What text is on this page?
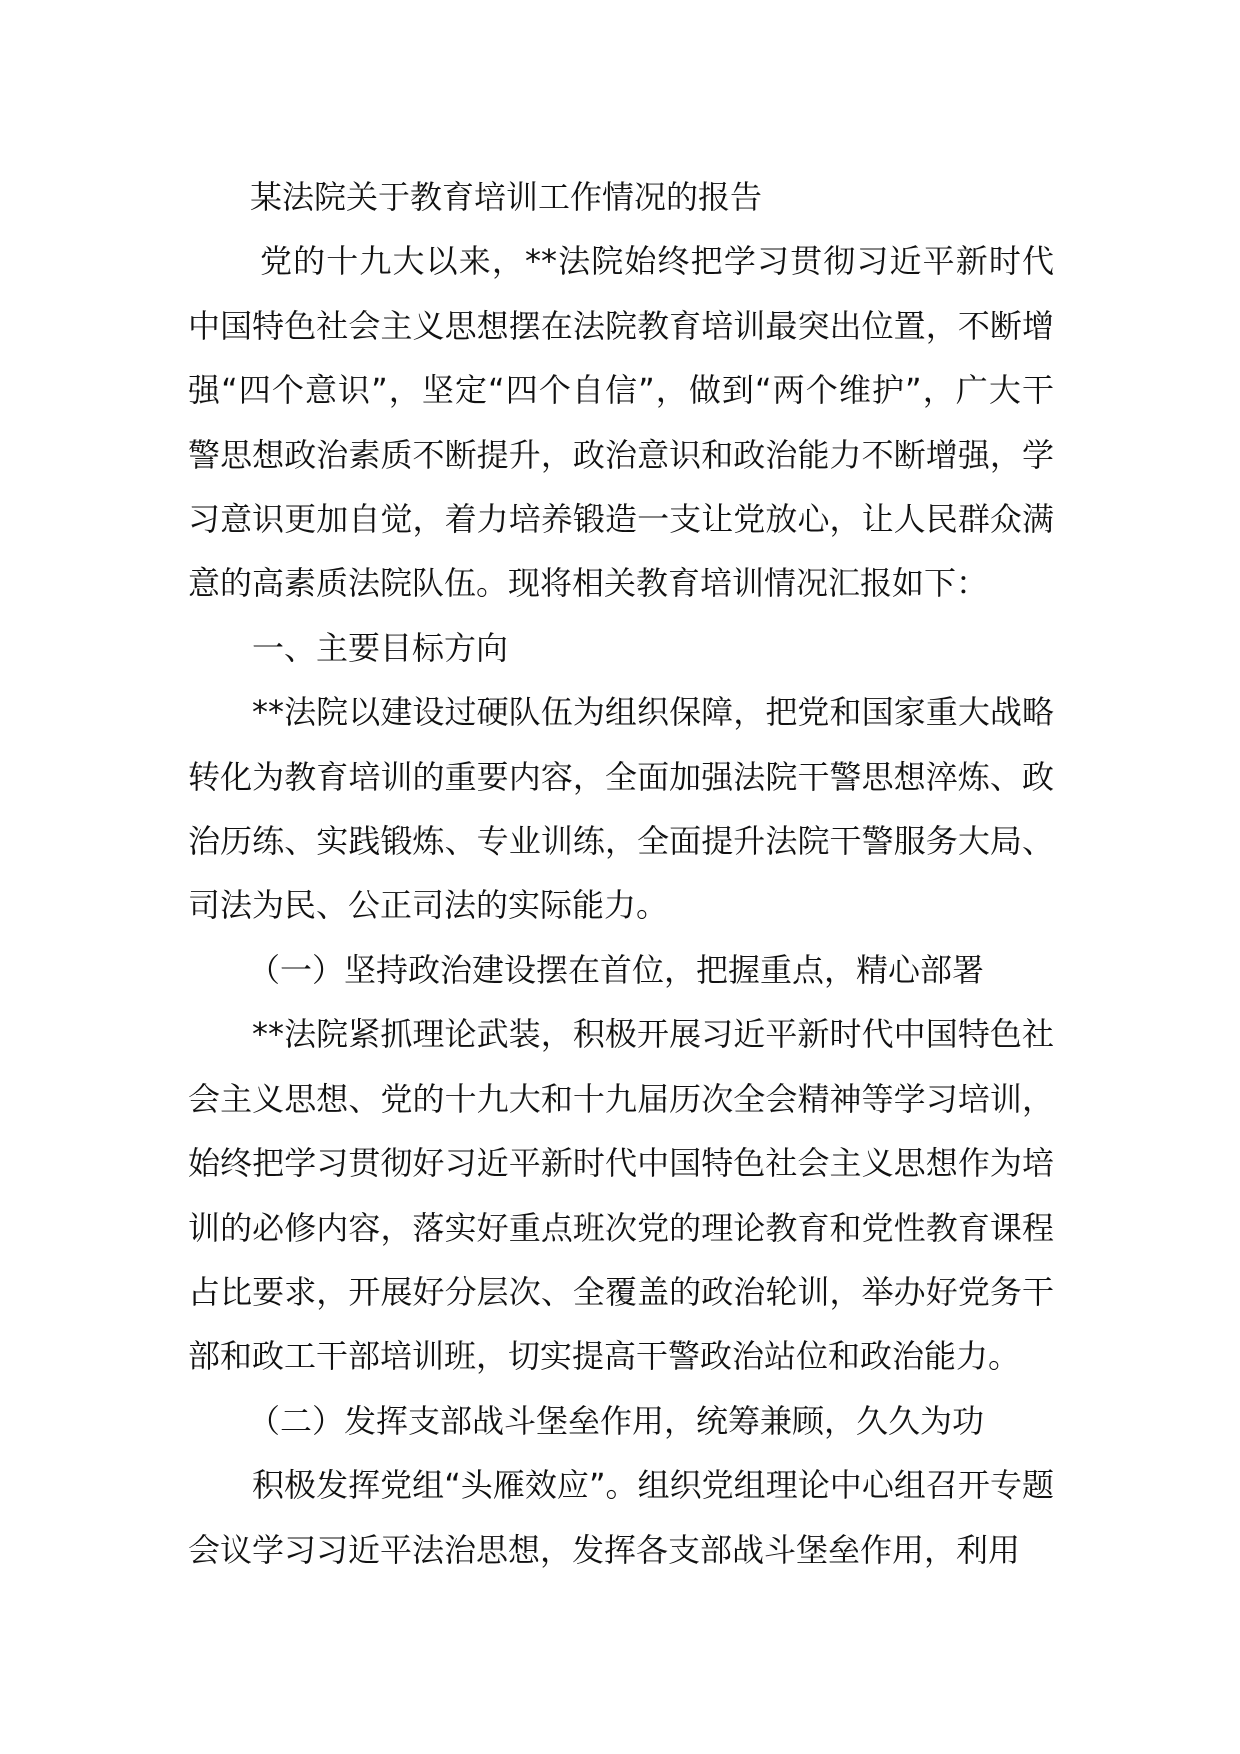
某法院关于教育培训工作情况的报告

党的十九大以来，**法院始终把学习贯彻习近平新时代中国特色社会主义思想摆在法院教育培训最突出位置，不断增强“四个意识”，坚定“四个自信”，做到“两个维护”，广大干警思想政治素质不断提升，政治意识和政治能力不断增强，学习意识更加自觉，着力培养锻造一支让党放心，让人民群众满意的高素质法院队伍。现将相关教育培训情况汇报如下：

一、主要目标方向

**法院以建设过硬队伍为组织保障，把党和国家重大战略转化为教育培训的重要内容，全面加强法院干警思想淬炼、政治历练、实践锻炼、专业训练，全面提升法院干警服务大局、司法为民、公正司法的实际能力。

（一）坚持政治建设摆在首位，把握重点，精心部署

**法院紧抓理论武装，积极开展习近平新时代中国特色社会主义思想、党的十九大和十九届历次全会精神等学习培训，始终把学习贯彻好习近平新时代中国特色社会主义思想作为培训的必修内容，落实好重点班次党的理论教育和党性教育课程占比要求，开展好分层次、全覆盖的政治轮训，举办好党务干部和政工干部培训班，切实提高干警政治站位和政治能力。

（二）发挥支部战斗堡垒作用，统筹兼顾，久久为功

积极发挥党组“头雁效应”。组织党组理论中心组召开专题会议学习习近平法治思想，发挥各支部战斗堡垒作用，利用
